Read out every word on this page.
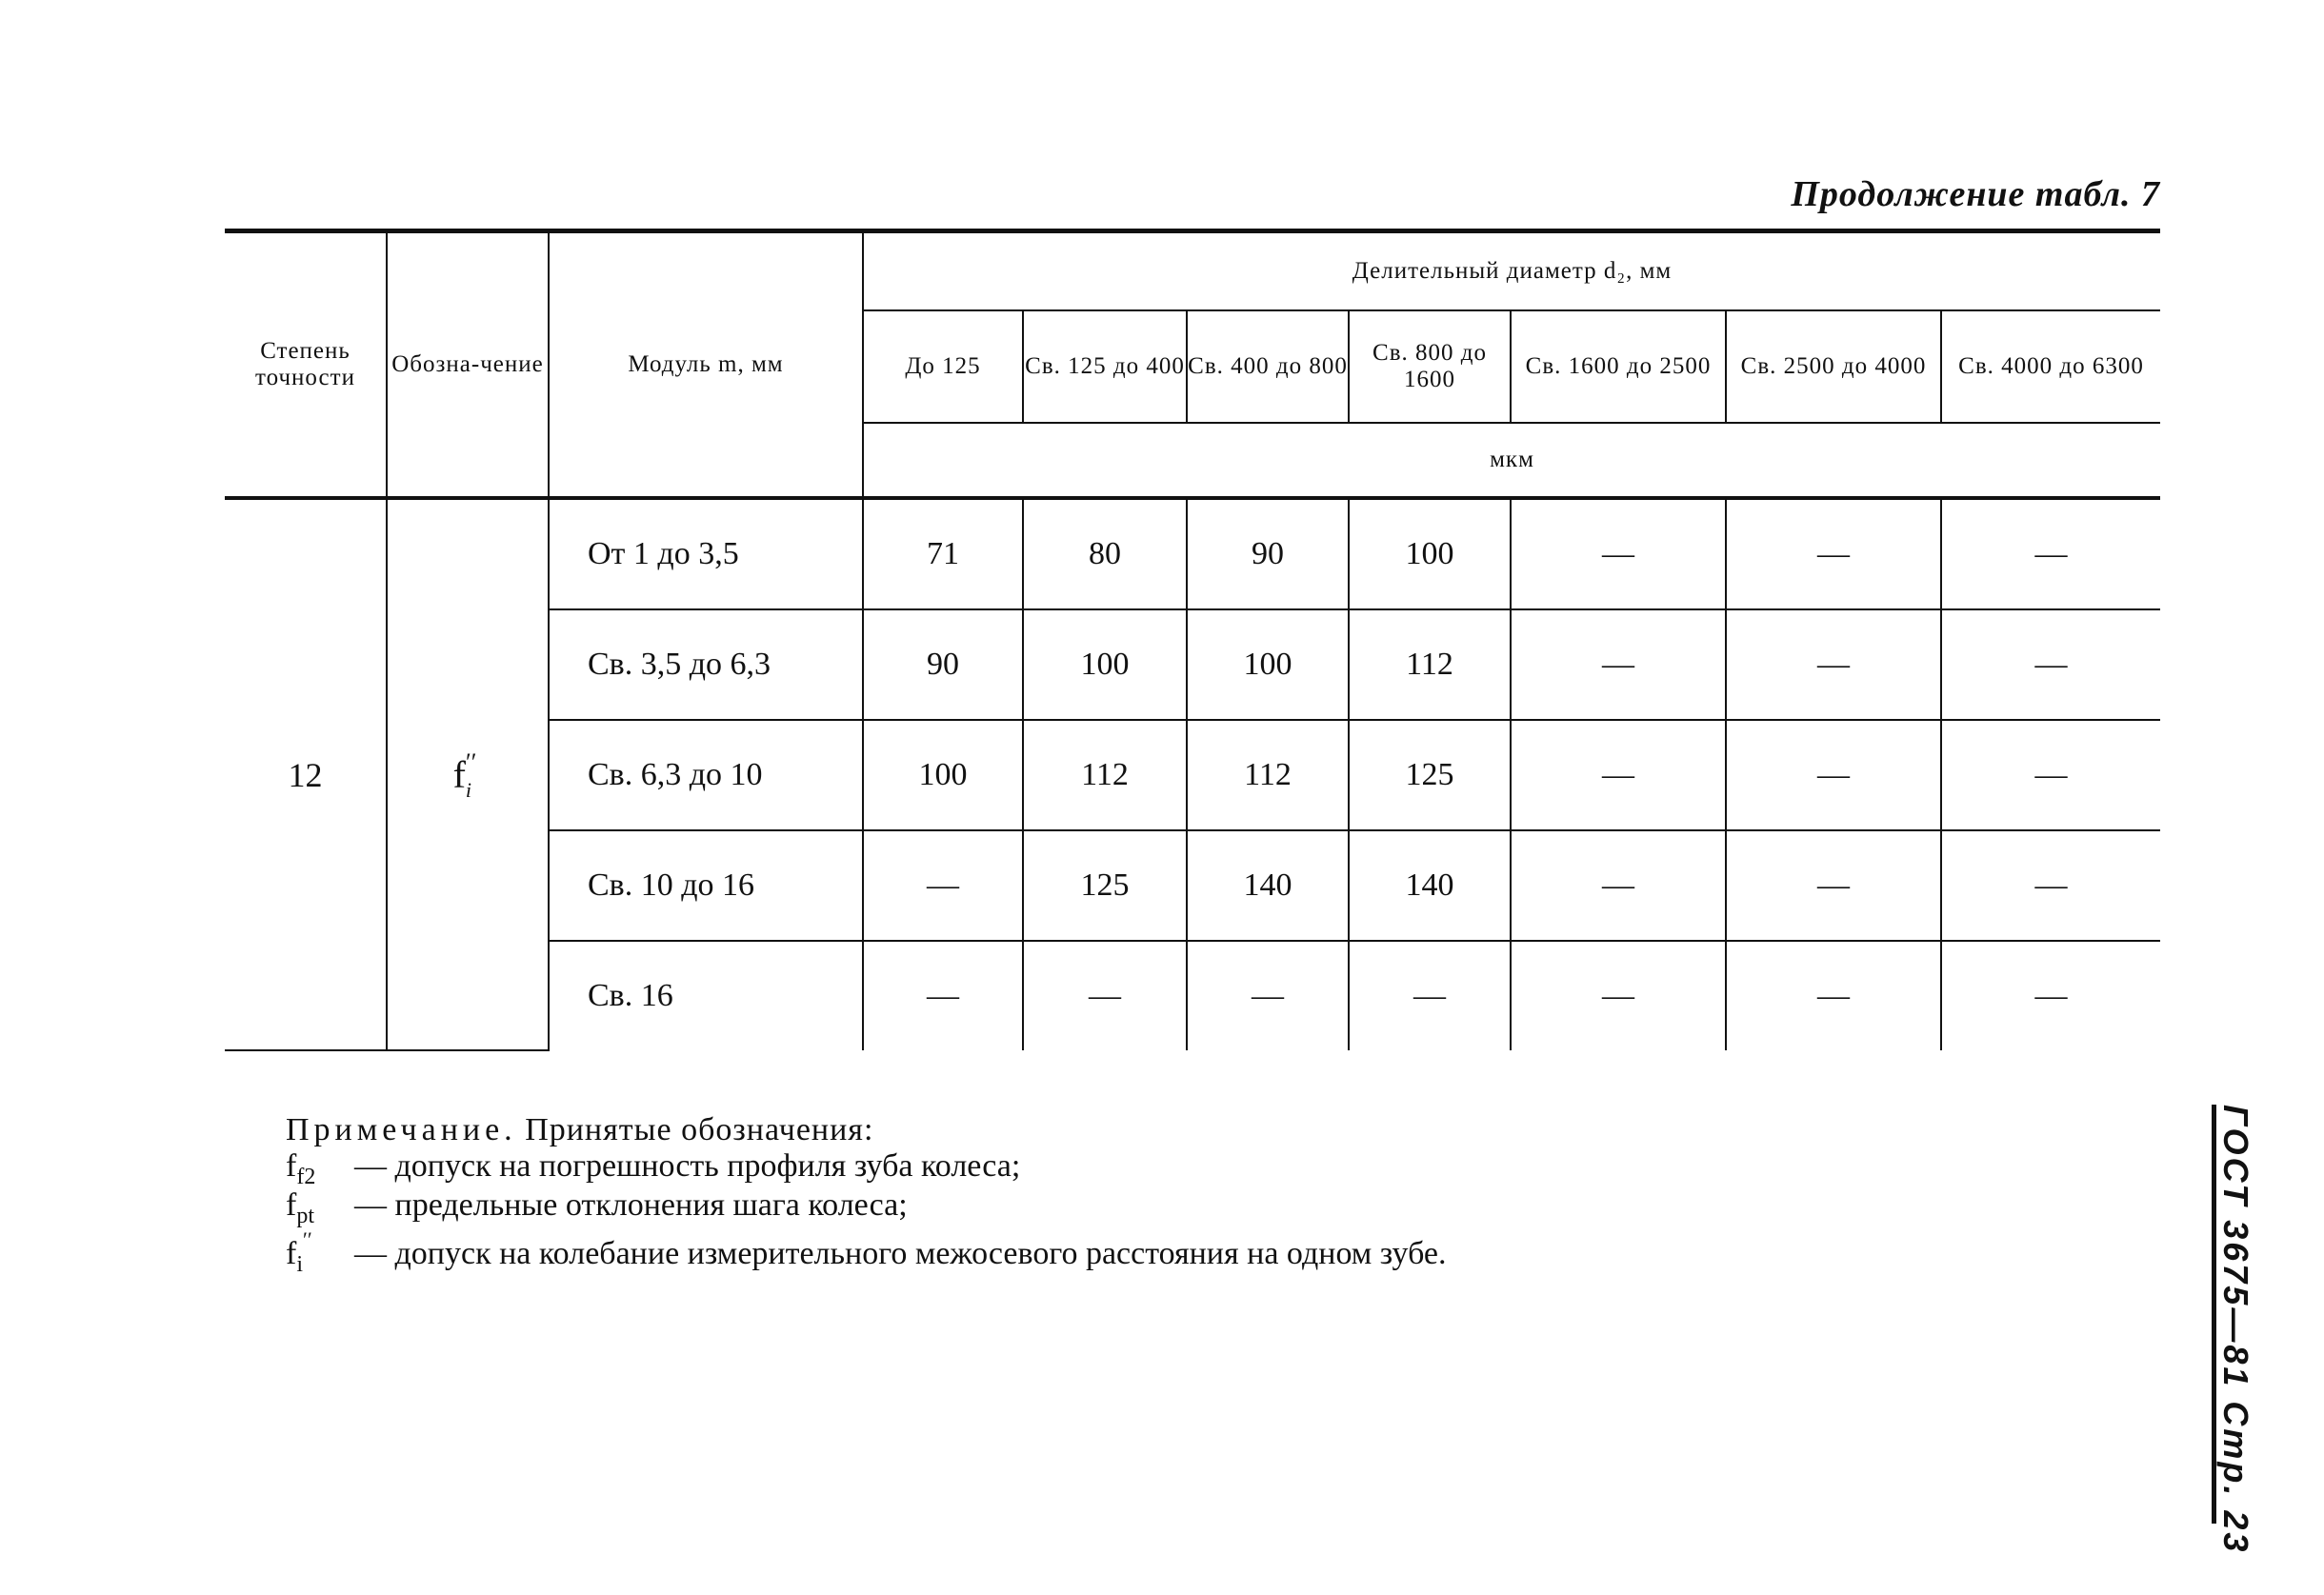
Продолжение табл. 7
Степень точности	Обозна-чение	Модуль m, мм	Делительный диаметр d₂, мм						
			До 125	Св. 125 до 400	Св. 400 до 800	Св. 800 до 1600	Св. 1600 до 2500	Св. 2500 до 4000	Св. 4000 до 6300
			мкм						
12	$f_i''$	От 1 до 3,5	71	80	90	100	—	—	—
		Св. 3,5 до 6,3	90	100	100	112	—	—	—
		Св. 6,3 до 10	100	112	112	125	—	—	—
		Св. 10 до 16	—	125	140	140	—	—	—
		Св. 16	—	—	—	—	—	—	—
Примечание. Принятые обозначения:
$f_{f2}$ — допуск на погрешность профиля зуба колеса;
$f_{pt}$ — предельные отклонения шага колеса;
$f_i''$ — допуск на колебание измерительного межосевого расстояния на одном зубе.	ГОСТ 3675—81 Стр. 23
